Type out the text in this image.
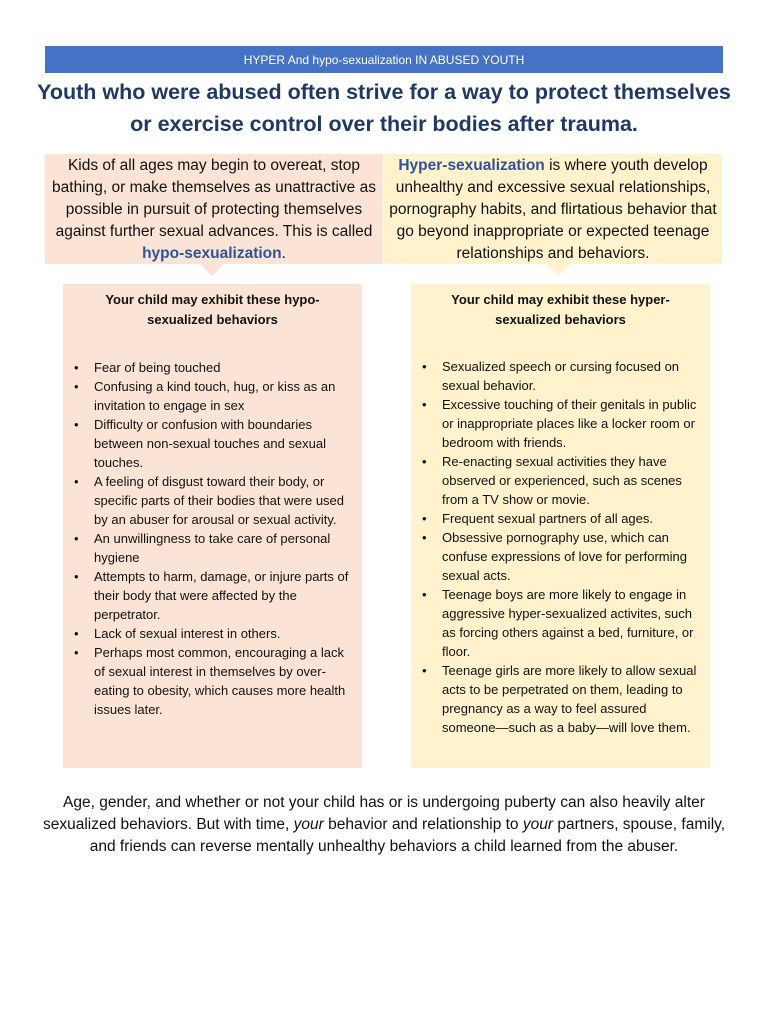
HYPER And hypo-sexualization IN ABUSED YOUTH
Youth who were abused often strive for a way to protect themselves or exercise control over their bodies after trauma.
Kids of all ages may begin to overeat, stop bathing, or make themselves as unattractive as possible in pursuit of protecting themselves against further sexual advances. This is called hypo-sexualization.
Hyper-sexualization is where youth develop unhealthy and excessive sexual relationships, pornography habits, and flirtatious behavior that go beyond inappropriate or expected teenage relationships and behaviors.
Your child may exhibit these hypo-sexualized behaviors
• Fear of being touched
• Confusing a kind touch, hug, or kiss as an invitation to engage in sex
• Difficulty or confusion with boundaries between non-sexual touches and sexual touches.
• A feeling of disgust toward their body, or specific parts of their bodies that were used by an abuser for arousal or sexual activity.
• An unwillingness to take care of personal hygiene
• Attempts to harm, damage, or injure parts of their body that were affected by the perpetrator.
• Lack of sexual interest in others.
• Perhaps most common, encouraging a lack of sexual interest in themselves by over-eating to obesity, which causes more health issues later.
Your child may exhibit these hyper-sexualized behaviors
• Sexualized speech or cursing focused on sexual behavior.
• Excessive touching of their genitals in public or inappropriate places like a locker room or bedroom with friends.
• Re-enacting sexual activities they have observed or experienced, such as scenes from a TV show or movie.
• Frequent sexual partners of all ages.
• Obsessive pornography use, which can confuse expressions of love for performing sexual acts.
• Teenage boys are more likely to engage in aggressive hyper-sexualized activites, such as forcing others against a bed, furniture, or floor.
• Teenage girls are more likely to allow sexual acts to be perpetrated on them, leading to pregnancy as a way to feel assured someone—such as a baby—will love them.
Age, gender, and whether or not your child has or is undergoing puberty can also heavily alter sexualized behaviors. But with time, your behavior and relationship to your partners, spouse, family, and friends can reverse mentally unhealthy behaviors a child learned from the abuser.
